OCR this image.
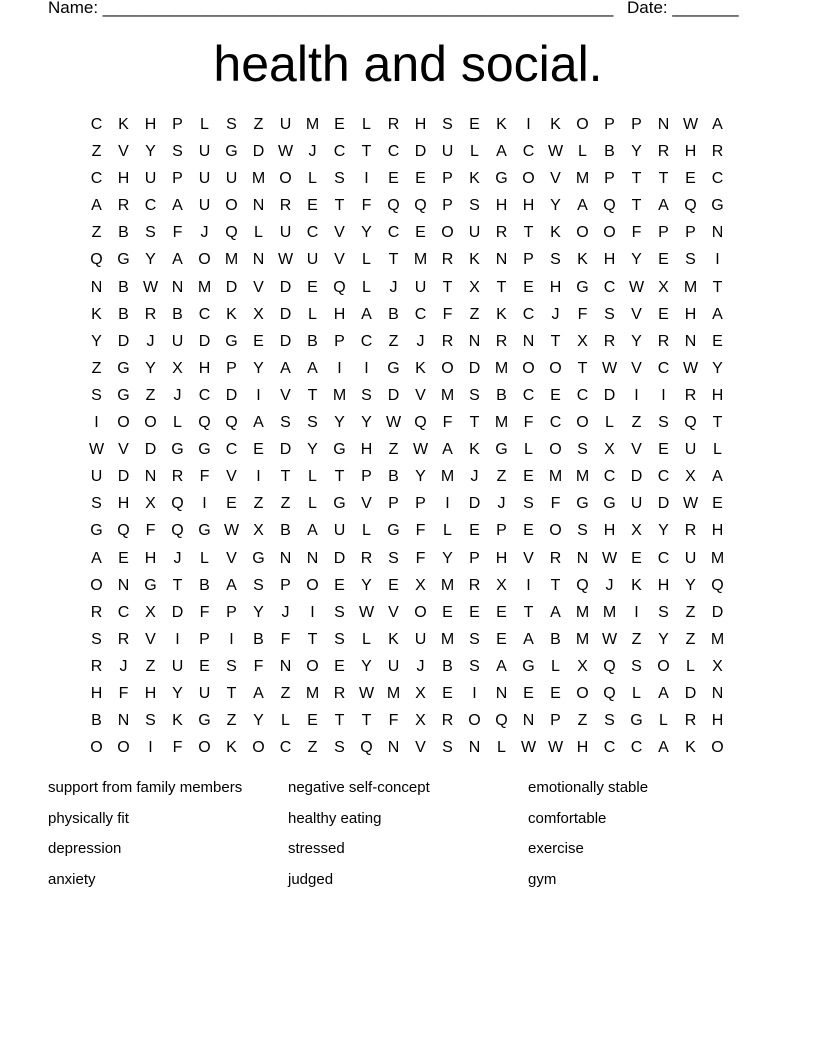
Name: ______________________________________________________ Date: _______
health and social.
C K H P	L	S	Z	U M E	L	R H S	E	K	I	K O P	P N W A
Z	V	Y	S U G D W J	C	T	C D U	L	A C W L	B	Y R H R
C H U P U U M O	L	S	I	E	E	P	K G O V M P	T	T	E C
A R C A U O N R E	T	F Q Q P	S H H Y	A Q T	A Q G
Z	B	S	F	J	Q	L	U C V	Y C E O U R	T	K O O F	P	P N
Q G Y	A O M N W U V	L	T M R K N P	S	K H Y	E	S	I
N B W N M D V D E Q	L	J	U	T	X	T	E H G C W X M T
K	B R B C K	X D	L	H A	B C	F	Z	K C	J	F	S	V	E H A
Y D	J	U D G E D B	P C	Z	J	R N R N	T	X R Y R N E
Z G Y	X H P	Y	A	A	I	I	G K O D M O O T W V C W Y
S G Z	J	C D	I	V	T M S D V M S	B C E C D	I	I	R H
I	O O	L	Q Q A	S	S	Y	Y W Q F	T M F	C O	L	Z	S Q T
W V D G G C E D Y G H	Z W A	K G	L	O S	X	V	E U	L
U D N R	F	V	I	T	L	T	P	B	Y M	J	Z	E M M C D C X	A
S H X Q	I	E	Z	Z	L	G V	P	P	I	D	J	S	F G G U D W E
G Q F Q G W X	B	A U	L	G F	L	E	P	E O S H X	Y R H
A	E H	J	L	V G N N D R S	F	Y	P H V R N W E C U M
O N G T	B	A	S	P O E	Y	E	X M R X	I	T Q	J	K H Y Q
R C X D	F	P	Y	J	I	S W V O E	E	E	T	A M M	I	S	Z	D
S R V	I	P	I	B	F	T	S	L	K U M S	E	A	B M W Z	Y	Z M
R	J	Z	U E	S	F	N O E	Y U	J	B	S	A G	L	X Q S O	L	X
H	F	H Y U	T	A	Z M R W M X	E	I	N E	E O Q	L	A D N
B N S	K G Z	Y	L	E	T	T	F	X R O Q N P	Z	S G	L	R H
O O	I	F O K O C	Z	S Q N V	S N	L W W H C C A	K O
support from family members	negative self-concept	emotionally stable
physically fit	healthy eating	comfortable
depression	stressed	exercise
anxiety	judged	gym
